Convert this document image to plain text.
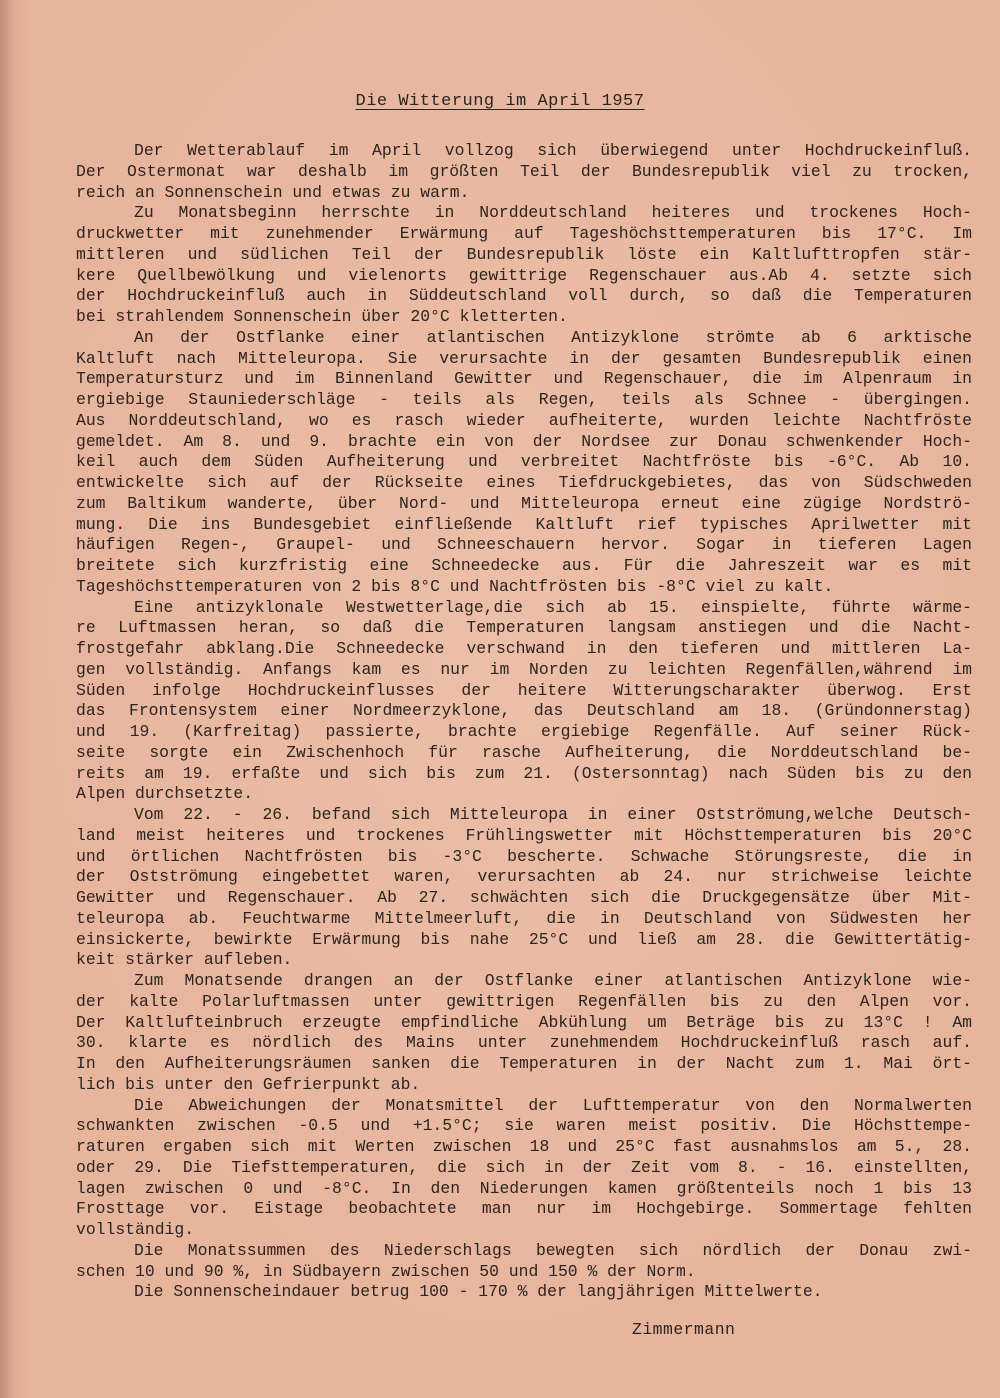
Die Witterung im April 1957
Der Wetterablauf im April vollzog sich überwiegend unter Hochdruckeinfluß.
Der Ostermonat war deshalb im größten Teil der Bundesrepublik viel zu trocken,
reich an Sonnenschein und etwas zu warm.
Zu Monatsbeginn herrschte in Norddeutschland heiteres und trockenes Hoch-
druckwetter mit zunehmender Erwärmung auf Tageshöchsttemperaturen bis 17°C. Im
mittleren und südlichen Teil der Bundesrepublik löste ein Kaltlufttropfen stär-
kere Quellbewölkung und vielenorts gewittrige Regenschauer aus.Ab 4. setzte sich
der Hochdruckeinfluß auch in Süddeutschland voll durch, so daß die Temperaturen
bei strahlendem Sonnenschein über 20°C kletterten.
An der Ostflanke einer atlantischen Antizyklone strömte ab 6 arktische
Kaltluft nach Mitteleuropa. Sie verursachte in der gesamten Bundesrepublik einen
Temperatursturz und im Binnenland Gewitter und Regenschauer, die im Alpenraum in
ergiebige Stauniederschläge - teils als Regen, teils als Schnee - übergingen.
Aus Norddeutschland, wo es rasch wieder aufheiterte, wurden leichte Nachtfröste
gemeldet. Am 8. und 9. brachte ein von der Nordsee zur Donau schwenkender Hoch-
keil auch dem Süden Aufheiterung und verbreitet Nachtfröste bis -6°C. Ab 10.
entwickelte sich auf der Rückseite eines Tiefdruckgebietes, das von Südschweden
zum Baltikum wanderte, über Nord- und Mitteleuropa erneut eine zügige Nordströ-
mung. Die ins Bundesgebiet einfließende Kaltluft rief typisches Aprilwetter mit
häufigen Regen-, Graupel- und Schneeschauern hervor. Sogar in tieferen Lagen
breitete sich kurzfristig eine Schneedecke aus. Für die Jahreszeit war es mit
Tageshöchsttemperaturen von 2 bis 8°C und Nachtfrösten bis -8°C viel zu kalt.
Eine antizyklonale Westwetterlage,die sich ab 15. einspielte, führte wärme-
re Luftmassen heran, so daß die Temperaturen langsam anstiegen und die Nacht-
frostgefahr abklang.Die Schneedecke verschwand in den tieferen und mittleren La-
gen vollständig. Anfangs kam es nur im Norden zu leichten Regenfällen,während im
Süden infolge Hochdruckeinflusses der heitere Witterungscharakter überwog. Erst
das Frontensystem einer Nordmeerzyklone, das Deutschland am 18. (Gründonnerstag)
und 19. (Karfreitag) passierte, brachte ergiebige Regenfälle. Auf seiner Rück-
seite sorgte ein Zwischenhoch für rasche Aufheiterung, die Norddeutschland be-
reits am 19. erfaßte und sich bis zum 21. (Ostersonntag) nach Süden bis zu den
Alpen durchsetzte.
Vom 22. - 26. befand sich Mitteleuropa in einer Ostströmung,welche Deutsch-
land meist heiteres und trockenes Frühlingswetter mit Höchsttemperaturen bis 20°C
und örtlichen Nachtfrösten bis -3°C bescherte. Schwache Störungsreste, die in
der Ostströmung eingebettet waren, verursachten ab 24. nur strichweise leichte
Gewitter und Regenschauer. Ab 27. schwächten sich die Druckgegensätze über Mit-
teleuropa ab. Feuchtwarme Mittelmeerluft, die in Deutschland von Südwesten her
einsickerte, bewirkte Erwärmung bis nahe 25°C und ließ am 28. die Gewittertätig-
keit stärker aufleben.
Zum Monatsende drangen an der Ostflanke einer atlantischen Antizyklone wie-
der kalte Polarluftmassen unter gewittrigen Regenfällen bis zu den Alpen vor.
Der Kaltlufteinbruch erzeugte empfindliche Abkühlung um Beträge bis zu 13°C ! Am
30. klarte es nördlich des Mains unter zunehmendem Hochdruckeinfluß rasch auf.
In den Aufheiterungsräumen sanken die Temperaturen in der Nacht zum 1. Mai ört-
lich bis unter den Gefrierpunkt ab.
Die Abweichungen der Monatsmittel der Lufttemperatur von den Normalwerten
schwankten zwischen -0.5 und +1.5°C; sie waren meist positiv. Die Höchsttempe-
raturen ergaben sich mit Werten zwischen 18 und 25°C fast ausnahmslos am 5., 28.
oder 29. Die Tiefsttemperaturen, die sich in der Zeit vom 8. - 16. einstellten,
lagen zwischen 0 und -8°C. In den Niederungen kamen größtenteils noch 1 bis 13
Frosttage vor. Eistage beobachtete man nur im Hochgebirge. Sommertage fehlten
vollständig.
Die Monatssummen des Niederschlags bewegten sich nördlich der Donau zwi-
schen 10 und 90 %, in Südbayern zwischen 50 und 150 % der Norm.
Die Sonnenscheindauer betrug 100 - 170 % der langjährigen Mittelwerte.
Zimmermann
